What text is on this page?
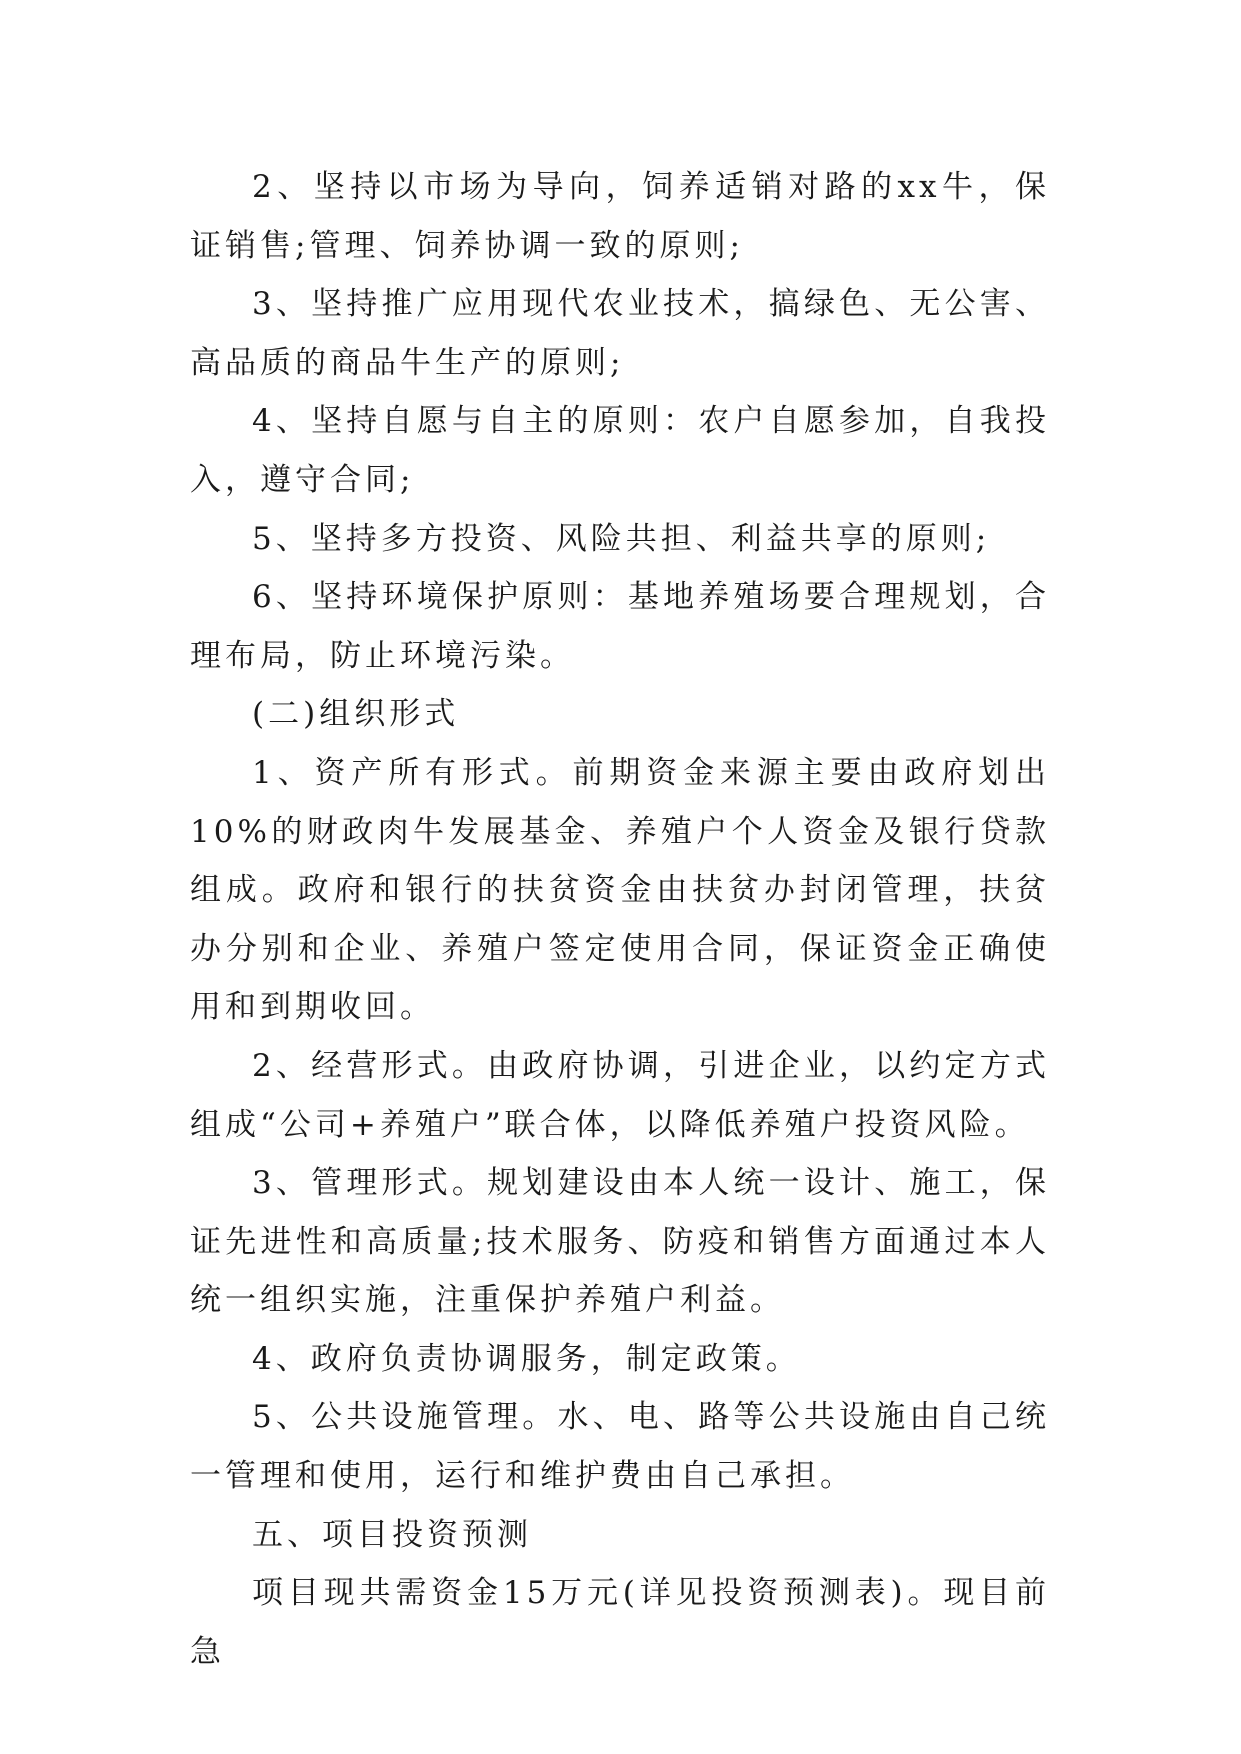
2、坚持以市场为导向，饲养适销对路的xx牛，保证销售;管理、饲养协调一致的原则;

3、坚持推广应用现代农业技术，搞绿色、无公害、高品质的商品牛生产的原则;

4、坚持自愿与自主的原则：农户自愿参加，自我投入，遵守合同;

5、坚持多方投资、风险共担、利益共享的原则;

6、坚持环境保护原则：基地养殖场要合理规划，合理布局，防止环境污染。

(二)组织形式

1、资产所有形式。前期资金来源主要由政府划出10%的财政肉牛发展基金、养殖户个人资金及银行贷款组成。政府和银行的扶贫资金由扶贫办封闭管理，扶贫办分别和企业、养殖户签定使用合同，保证资金正确使用和到期收回。

2、经营形式。由政府协调，引进企业，以约定方式组成“公司+养殖户”联合体，以降低养殖户投资风险。

3、管理形式。规划建设由本人统一设计、施工，保证先进性和高质量;技术服务、防疫和销售方面通过本人统一组织实施，注重保护养殖户利益。

4、政府负责协调服务，制定政策。

5、公共设施管理。水、电、路等公共设施由自己统一管理和使用，运行和维护费由自己承担。

五、项目投资预测

项目现共需资金15万元(详见投资预测表)。现目前急
